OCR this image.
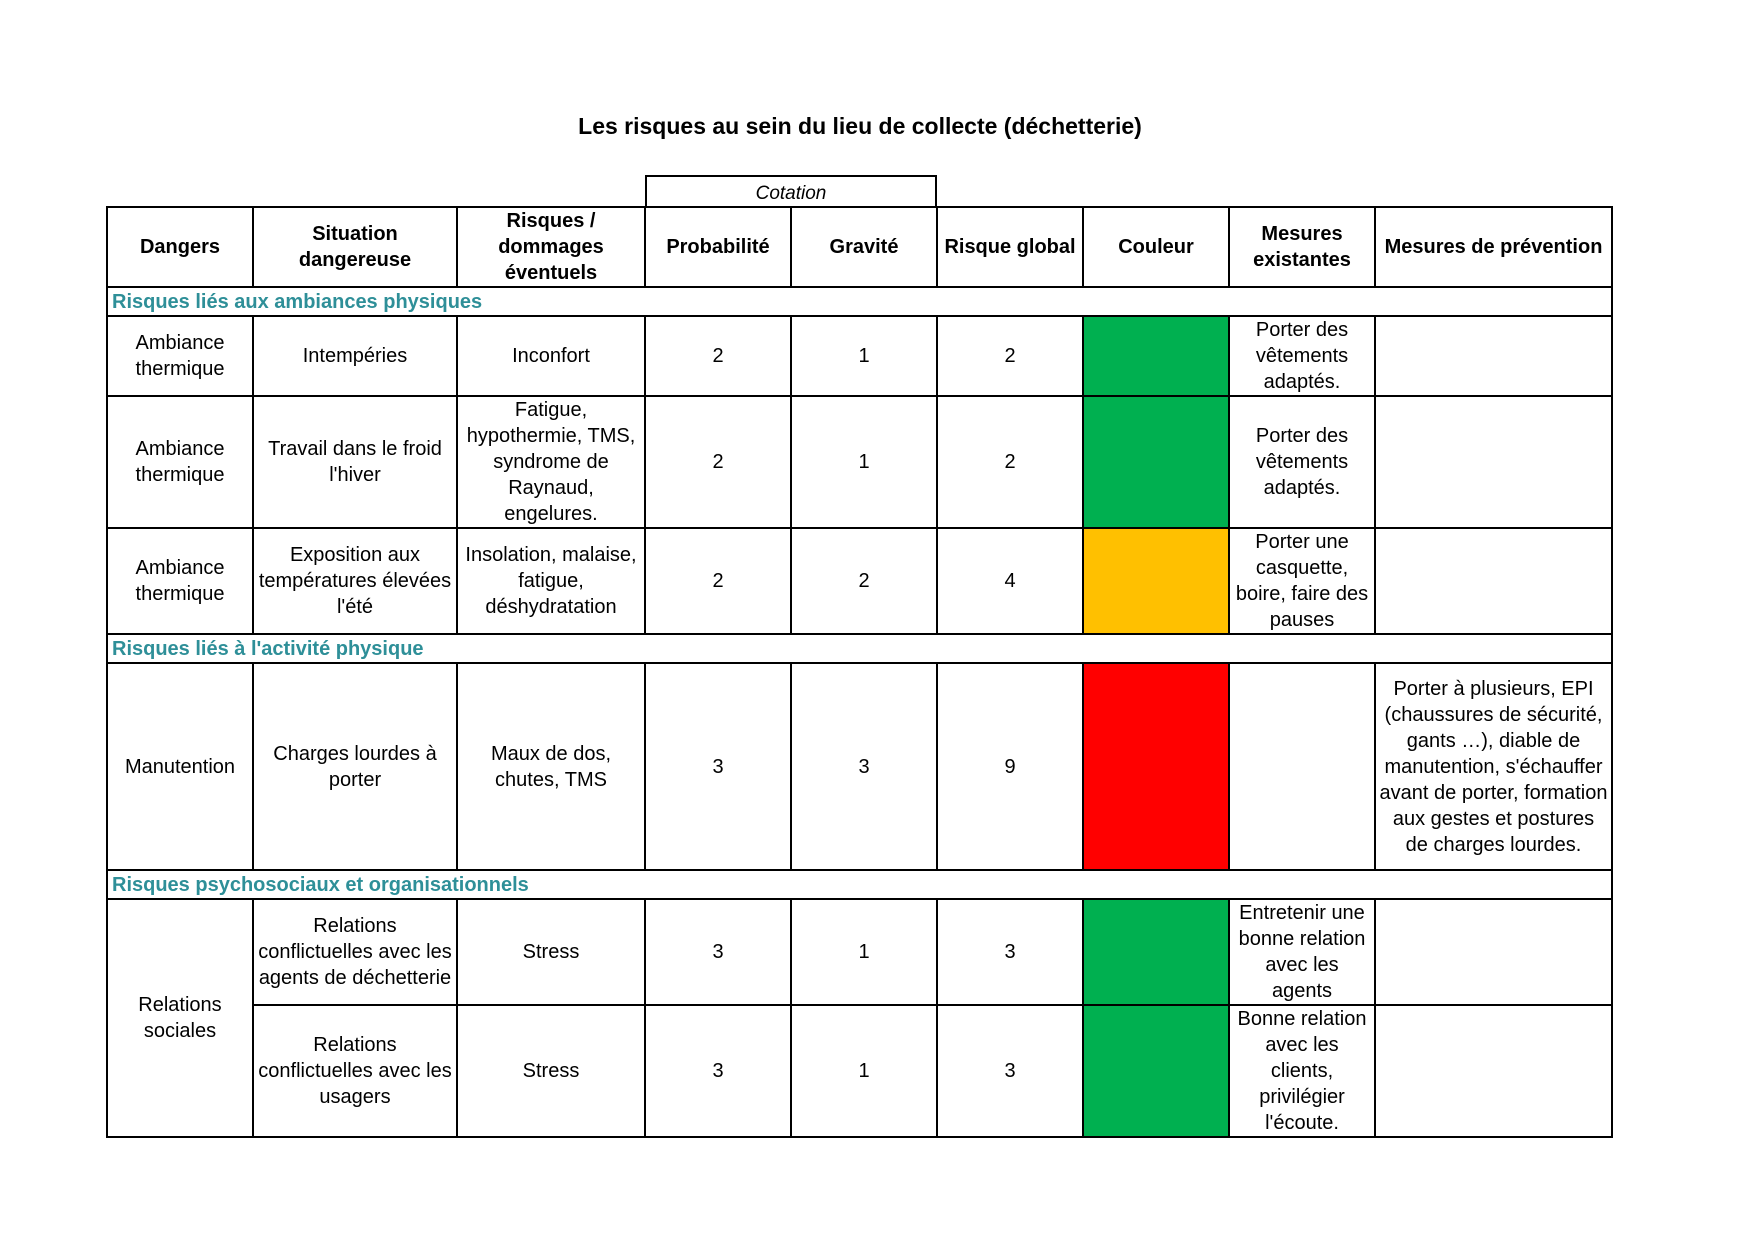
Les risques au sein du lieu de collecte (déchetterie)
Cotation
Dangers	Situation dangereuse	Risques / dommages éventuels	Probabilité	Gravité	Risque global	Couleur	Mesures existantes	Mesures de prévention
Risques liés aux ambiances physiques								
Ambiance thermique	Intempéries	Inconfort	2	1	2		Porter des vêtements adaptés.	
Ambiance thermique	Travail dans le froid l'hiver	Fatigue, hypothermie, TMS, syndrome de Raynaud, engelures.	2	1	2		Porter des vêtements adaptés.	
Ambiance thermique	Exposition aux températures élevées l'été	Insolation, malaise, fatigue, déshydratation	2	2	4		Porter une casquette, boire, faire des pauses	
Risques liés à l'activité physique								
Manutention	Charges lourdes à porter	Maux de dos, chutes, TMS	3	3	9			Porter à plusieurs, EPI (chaussures de sécurité, gants …), diable de manutention, s'échauffer avant de porter, formation aux gestes et postures de charges lourdes.
Risques psychosociaux et organisationnels								
Relations sociales	Relations conflictuelles avec les agents de déchetterie	Stress	3	1	3		Entretenir une bonne relation avec les agents	
	Relations conflictuelles avec les usagers	Stress	3	1	3		Bonne relation avec les clients, privilégier l'écoute.	
